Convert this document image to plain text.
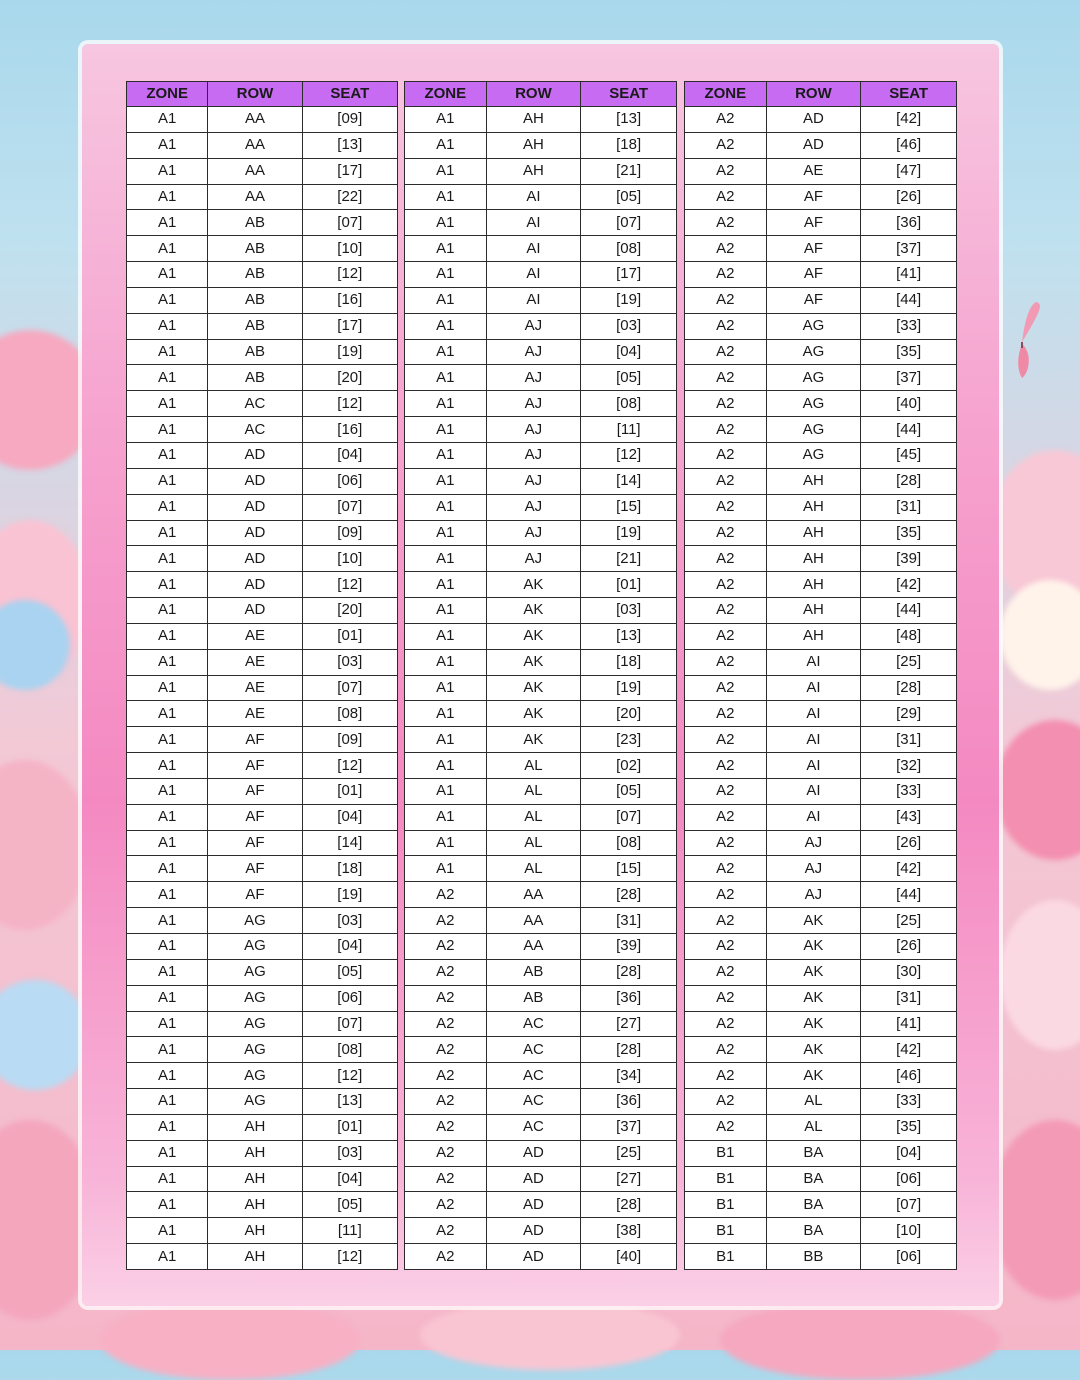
ZONE	ROW	SEAT
A1	AA	[09]
A1	AA	[13]
A1	AA	[17]
A1	AA	[22]
A1	AB	[07]
A1	AB	[10]
A1	AB	[12]
A1	AB	[16]
A1	AB	[17]
A1	AB	[19]
A1	AB	[20]
A1	AC	[12]
A1	AC	[16]
A1	AD	[04]
A1	AD	[06]
A1	AD	[07]
A1	AD	[09]
A1	AD	[10]
A1	AD	[12]
A1	AD	[20]
A1	AE	[01]
A1	AE	[03]
A1	AE	[07]
A1	AE	[08]
A1	AF	[09]
A1	AF	[12]
A1	AF	[01]
A1	AF	[04]
A1	AF	[14]
A1	AF	[18]
A1	AF	[19]
A1	AG	[03]
A1	AG	[04]
A1	AG	[05]
A1	AG	[06]
A1	AG	[07]
A1	AG	[08]
A1	AG	[12]
A1	AG	[13]
A1	AH	[01]
A1	AH	[03]
A1	AH	[04]
A1	AH	[05]
A1	AH	[11]
A1	AH	[12]
ZONE	ROW	SEAT
A1	AH	[13]
A1	AH	[18]
A1	AH	[21]
A1	AI	[05]
A1	AI	[07]
A1	AI	[08]
A1	AI	[17]
A1	AI	[19]
A1	AJ	[03]
A1	AJ	[04]
A1	AJ	[05]
A1	AJ	[08]
A1	AJ	[11]
A1	AJ	[12]
A1	AJ	[14]
A1	AJ	[15]
A1	AJ	[19]
A1	AJ	[21]
A1	AK	[01]
A1	AK	[03]
A1	AK	[13]
A1	AK	[18]
A1	AK	[19]
A1	AK	[20]
A1	AK	[23]
A1	AL	[02]
A1	AL	[05]
A1	AL	[07]
A1	AL	[08]
A1	AL	[15]
A2	AA	[28]
A2	AA	[31]
A2	AA	[39]
A2	AB	[28]
A2	AB	[36]
A2	AC	[27]
A2	AC	[28]
A2	AC	[34]
A2	AC	[36]
A2	AC	[37]
A2	AD	[25]
A2	AD	[27]
A2	AD	[28]
A2	AD	[38]
A2	AD	[40]
ZONE	ROW	SEAT
A2	AD	[42]
A2	AD	[46]
A2	AE	[47]
A2	AF	[26]
A2	AF	[36]
A2	AF	[37]
A2	AF	[41]
A2	AF	[44]
A2	AG	[33]
A2	AG	[35]
A2	AG	[37]
A2	AG	[40]
A2	AG	[44]
A2	AG	[45]
A2	AH	[28]
A2	AH	[31]
A2	AH	[35]
A2	AH	[39]
A2	AH	[42]
A2	AH	[44]
A2	AH	[48]
A2	AI	[25]
A2	AI	[28]
A2	AI	[29]
A2	AI	[31]
A2	AI	[32]
A2	AI	[33]
A2	AI	[43]
A2	AJ	[26]
A2	AJ	[42]
A2	AJ	[44]
A2	AK	[25]
A2	AK	[26]
A2	AK	[30]
A2	AK	[31]
A2	AK	[41]
A2	AK	[42]
A2	AK	[46]
A2	AL	[33]
A2	AL	[35]
B1	BA	[04]
B1	BA	[06]
B1	BA	[07]
B1	BA	[10]
B1	BB	[06]
